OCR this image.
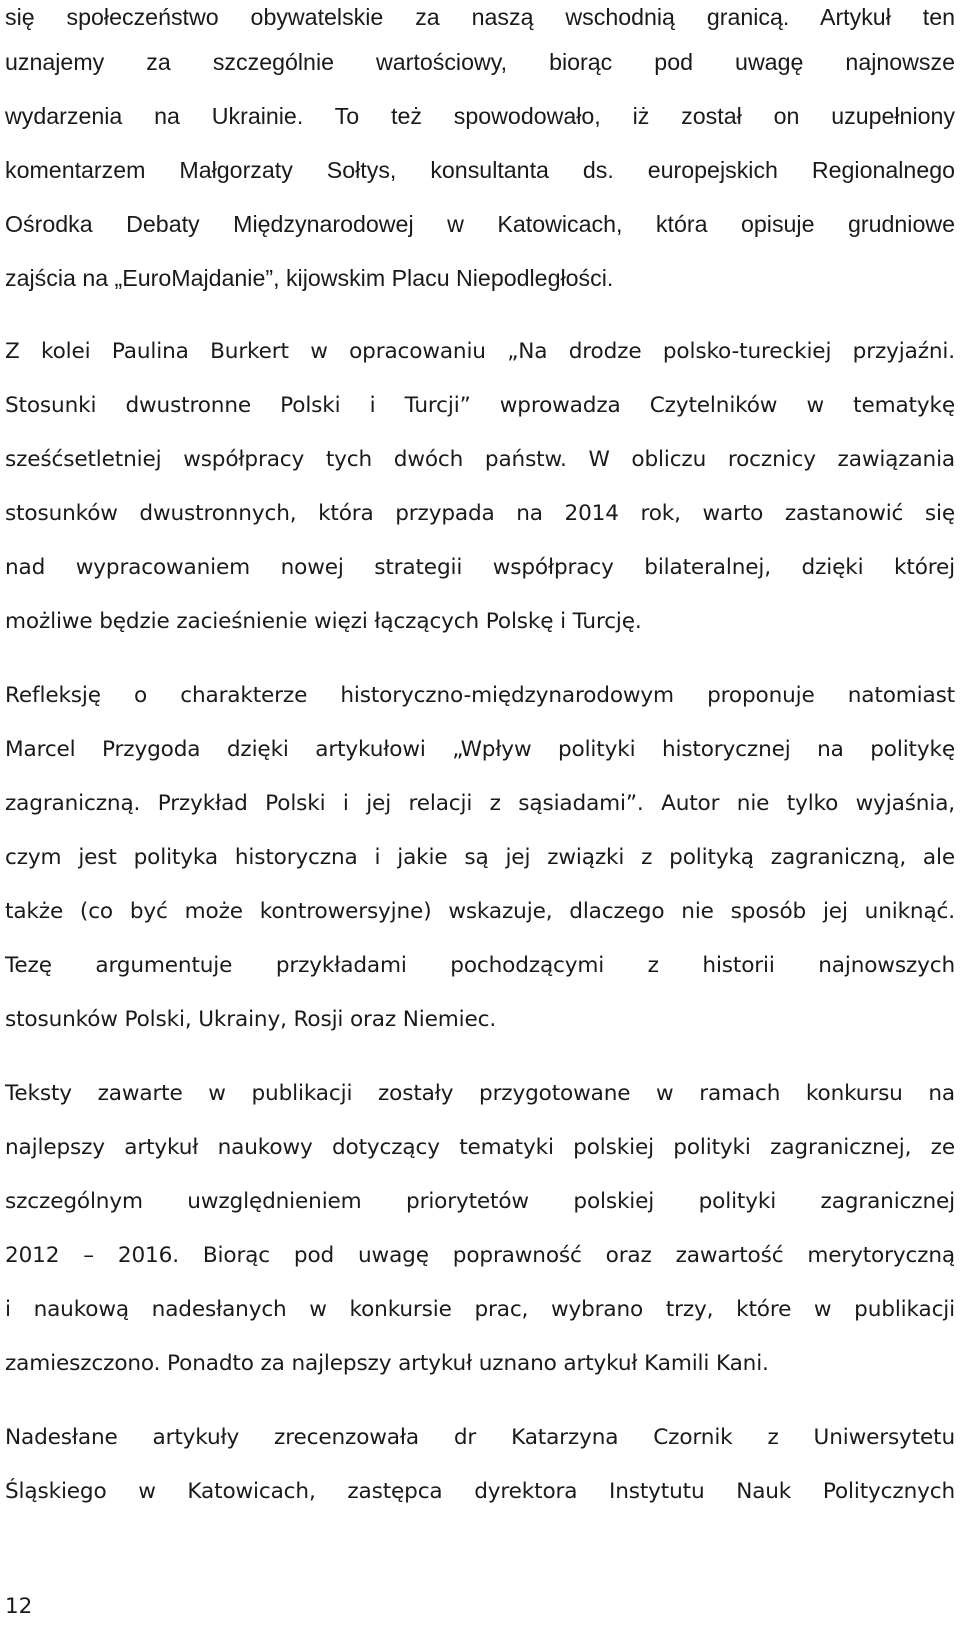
się społeczeństwo obywatelskie za naszą wschodnią granicą. Artykuł ten
uznajemy za szczególnie wartościowy, biorąc pod uwagę najnowsze
wydarzenia na Ukrainie. To też spowodowało, iż został on uzupełniony
komentarzem Małgorzaty Sołtys, konsultanta ds. europejskich Regionalnego
Ośrodka Debaty Międzynarodowej w Katowicach, która opisuje grudniowe
zajścia na „EuroMajdanie”, kijowskim Placu Niepodległości.
Z kolei Paulina Burkert w opracowaniu „Na drodze polsko-tureckiej przyjaźni.
Stosunki dwustronne Polski i Turcji” wprowadza Czytelników w tematykę
sześćsetletniej współpracy tych dwóch państw. W obliczu rocznicy zawiązania
stosunków dwustronnych, która przypada na 2014 rok, warto zastanowić się
nad wypracowaniem nowej strategii współpracy bilateralnej, dzięki której
możliwe będzie zacieśnienie więzi łączących Polskę i Turcję.
Refleksję o charakterze historyczno-międzynarodowym proponuje natomiast
Marcel Przygoda dzięki artykułowi „Wpływ polityki historycznej na politykę
zagraniczną. Przykład Polski i jej relacji z sąsiadami”. Autor nie tylko wyjaśnia,
czym jest polityka historyczna i jakie są jej związki z polityką zagraniczną, ale
także (co być może kontrowersyjne) wskazuje, dlaczego nie sposób jej uniknąć.
Tezę argumentuje przykładami pochodzącymi z historii najnowszych
stosunków Polski, Ukrainy, Rosji oraz Niemiec.
Teksty zawarte w publikacji zostały przygotowane w ramach konkursu na
najlepszy artykuł naukowy dotyczący tematyki polskiej polityki zagranicznej, ze
szczególnym uwzględnieniem priorytetów polskiej polityki zagranicznej
2012 – 2016. Biorąc pod uwagę poprawność oraz zawartość merytoryczną
i naukową nadesłanych w konkursie prac, wybrano trzy, które w publikacji
zamieszczono. Ponadto za najlepszy artykuł uznano artykuł Kamili Kani.
Nadesłane artykuły zrecenzowała dr Katarzyna Czornik z Uniwersytetu
Śląskiego w Katowicach, zastępca dyrektora Instytutu Nauk Politycznych
12
